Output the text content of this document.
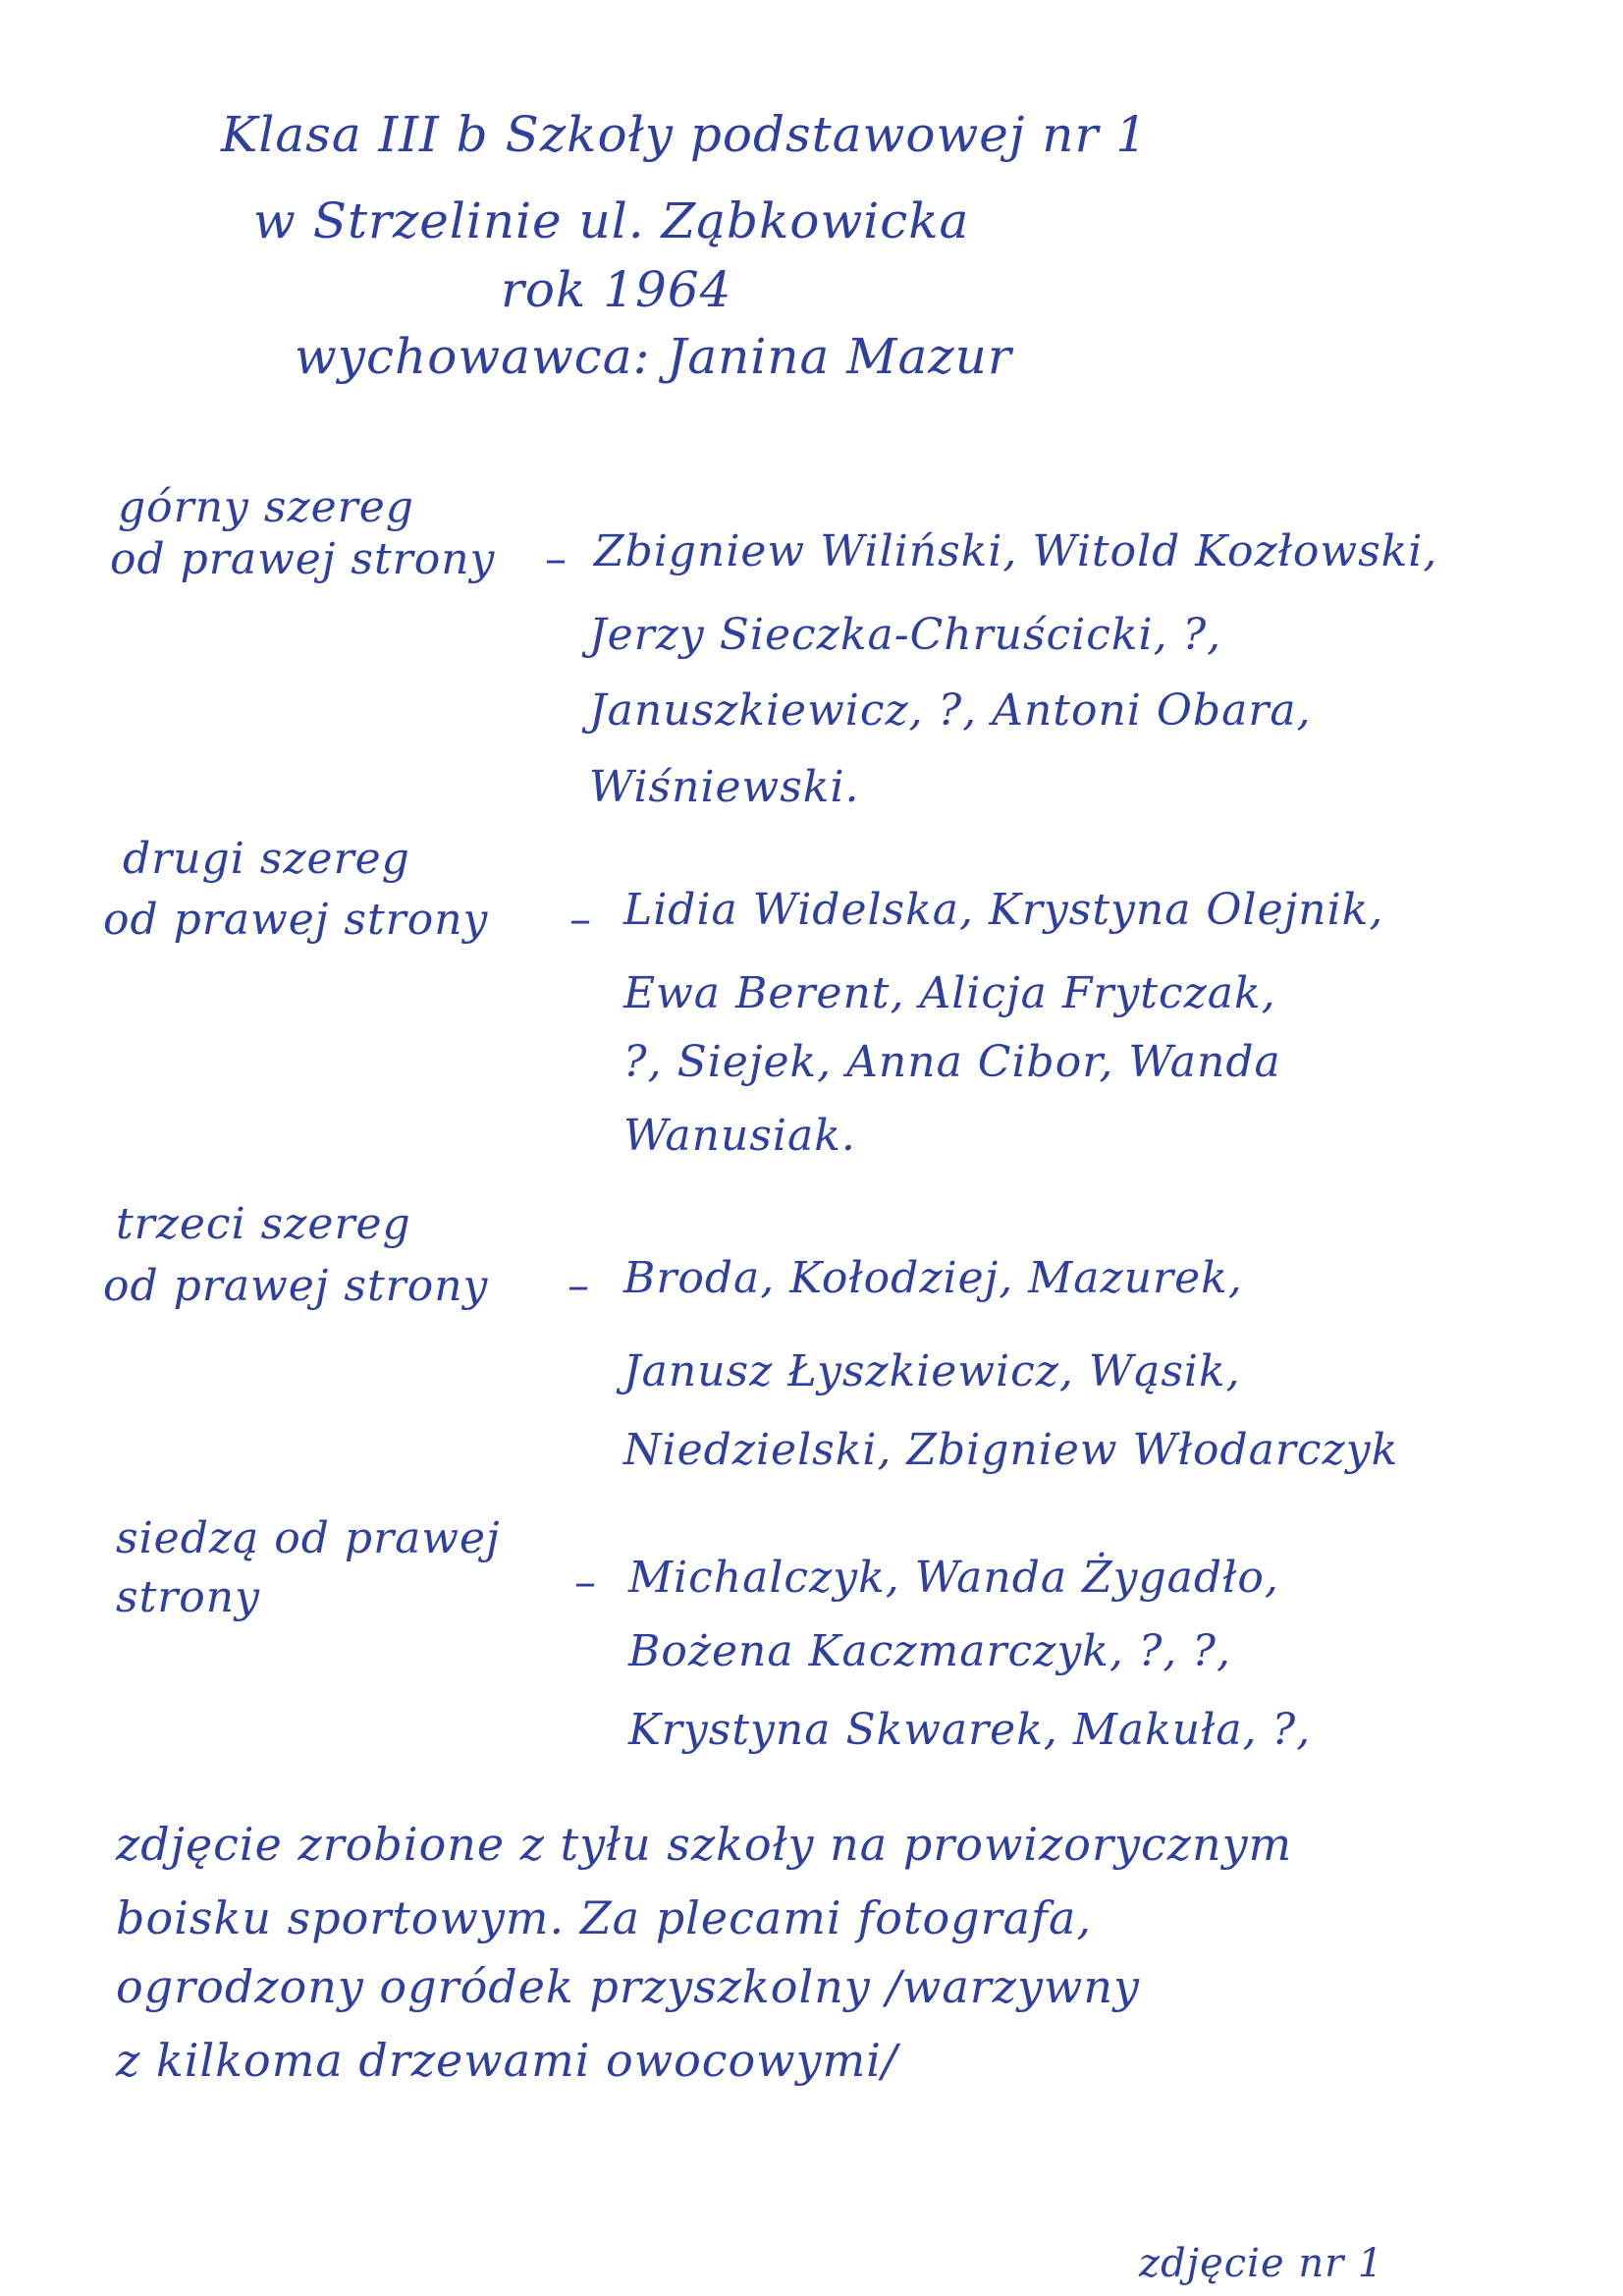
Klasa III b Szkoły podstawowej nr 1
w Strzelinie ul. Ząbkowicka
rok 1964
wychowawca: Janina Mazur
górny szereg
od prawej strony – Zbigniew Wiliński, Witold Kozłowski,
Jerzy Sieczka-Chruścicki, ?,
Januszkiewicz, ?, Antoni Obara,
Wiśniewski.
drugi szereg
od prawej strony – Lidia Widelska, Krystyna Olejnik,
Ewa Berent, Alicja Frytczak,
?, Siejek, Anna Cibor, Wanda
Wanusiak.
trzeci szereg
od prawej strony – Broda, Kołodziej, Mazurek,
Janusz Łyszkiewicz, Wąsik,
Niedzielski, Zbigniew Włodarczyk
siedzą od prawej
strony	– Michalczyk, Wanda Żygadło,
Bożena Kaczmarczyk, ?, ?,
Krystyna Skwarek, Makuła, ?,
zdjęcie zrobione z tyłu szkoły na prowizorycznym
boisku sportowym. Za plecami fotografa,
ogrodzony ogródek przyszkolny /warzywny
z kilkoma drzewami owocowymi/
zdjęcie nr 1
